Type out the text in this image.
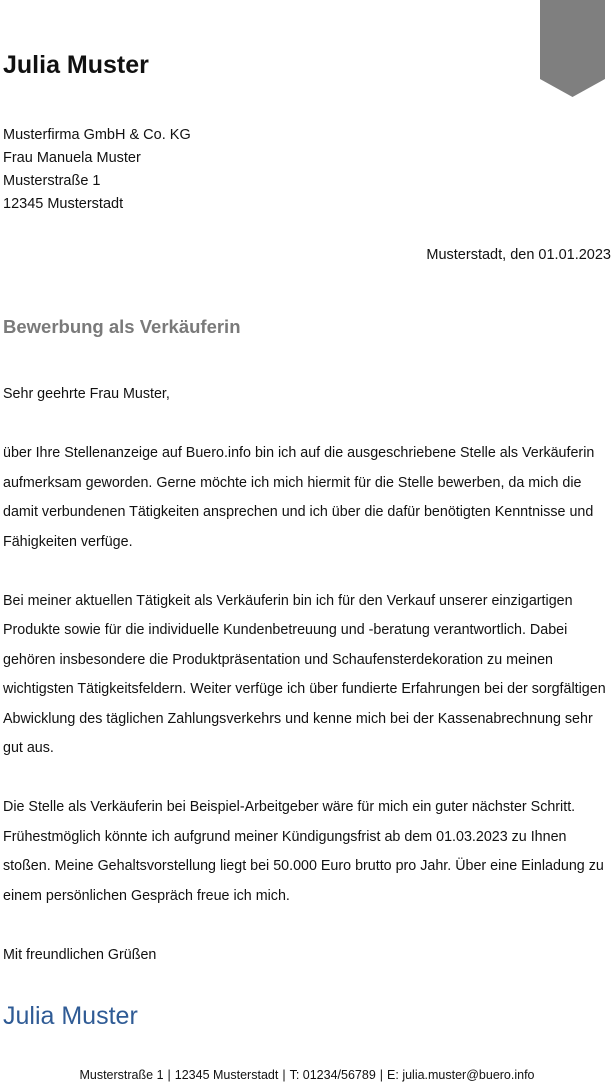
Julia Muster
Musterfirma GmbH & Co. KG
Frau Manuela Muster
Musterstraße 1
12345 Musterstadt
Musterstadt, den 01.01.2023
Bewerbung als Verkäuferin

Sehr geehrte Frau Muster,

über Ihre Stellenanzeige auf Buero.info bin ich auf die ausgeschriebene Stelle als Verkäuferin aufmerksam geworden. Gerne möchte ich mich hiermit für die Stelle bewerben, da mich die damit verbundenen Tätigkeiten ansprechen und ich über die dafür benötigten Kenntnisse und Fähigkeiten verfüge.

Bei meiner aktuellen Tätigkeit als Verkäuferin bin ich für den Verkauf unserer einzigartigen Produkte sowie für die individuelle Kundenbetreuung und -beratung verantwortlich. Dabei gehören insbesondere die Produktpräsentation und Schaufensterdekoration zu meinen wichtigsten Tätigkeitsfeldern. Weiter verfüge ich über fundierte Erfahrungen bei der sorgfältigen Abwicklung des täglichen Zahlungsverkehrs und kenne mich bei der Kassenabrechnung sehr gut aus.

Die Stelle als Verkäuferin bei Beispiel-Arbeitgeber wäre für mich ein guter nächster Schritt. Frühestmöglich könnte ich aufgrund meiner Kündigungsfrist ab dem 01.03.2023 zu Ihnen stoßen. Meine Gehaltsvorstellung liegt bei 50.000 Euro brutto pro Jahr. Über eine Einladung zu einem persönlichen Gespräch freue ich mich.

Mit freundlichen Grüßen

Julia Muster
Musterstraße 1 | 12345 Musterstadt | T: 01234/56789 | E: julia.muster@buero.info
